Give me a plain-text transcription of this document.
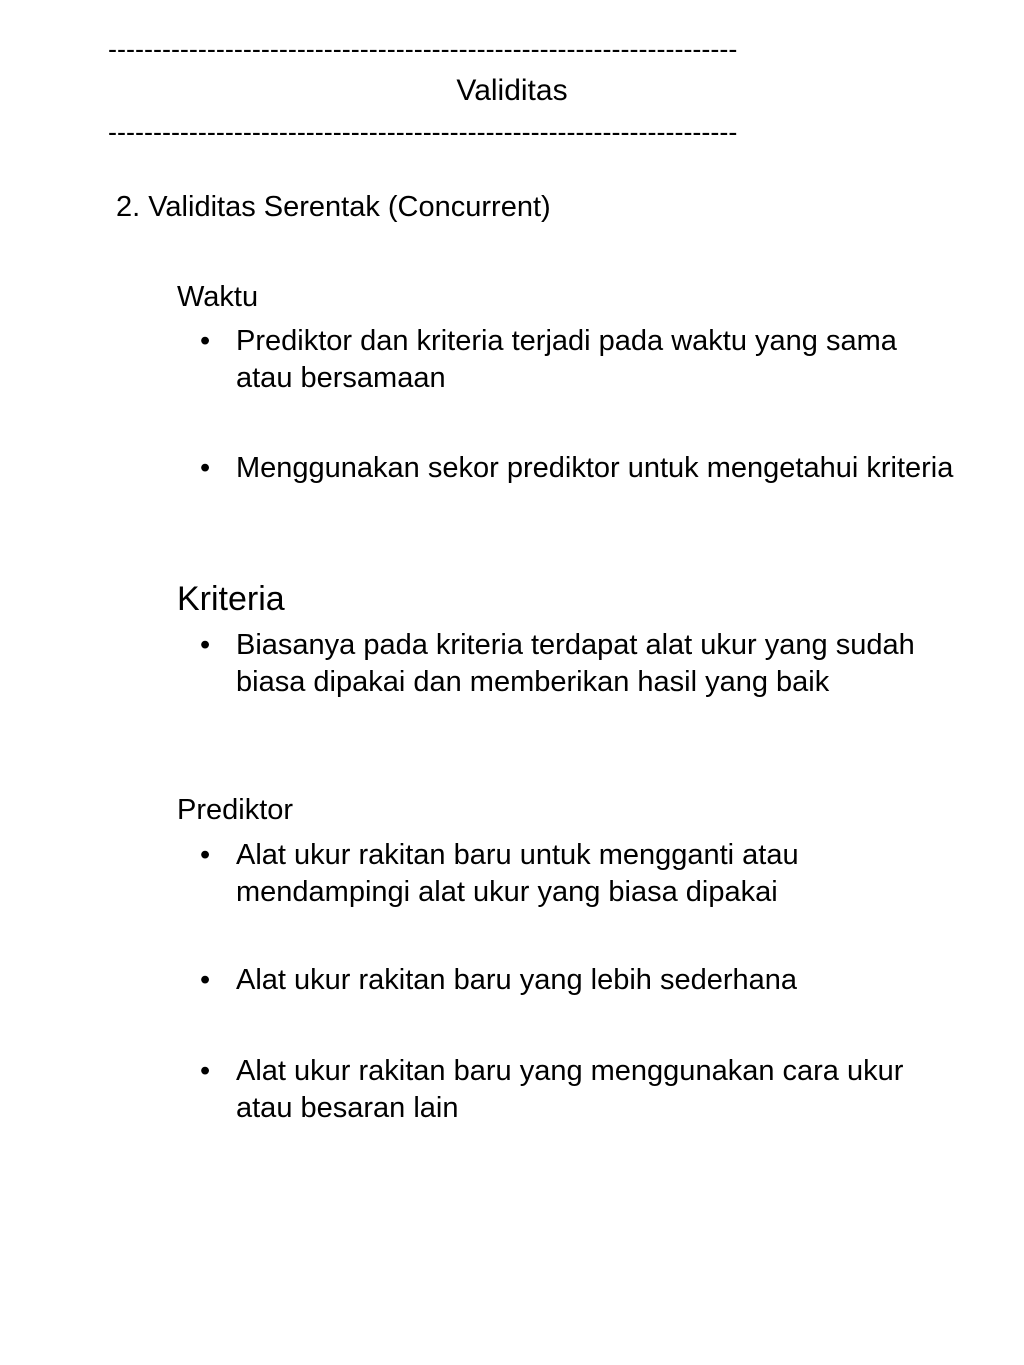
----------------------------------------------------------------------
Validitas
----------------------------------------------------------------------
2. Validitas Serentak (Concurrent)
Waktu
• Prediktor dan kriteria terjadi pada waktu yang sama atau bersamaan
• Menggunakan sekor prediktor untuk mengetahui kriteria
Kriteria
• Biasanya pada kriteria terdapat alat ukur yang sudah biasa dipakai dan memberikan hasil yang baik
Prediktor
• Alat ukur rakitan baru untuk mengganti atau mendampingi alat ukur yang biasa dipakai
• Alat ukur rakitan baru yang lebih sederhana
• Alat ukur rakitan baru yang menggunakan cara ukur atau besaran lain
